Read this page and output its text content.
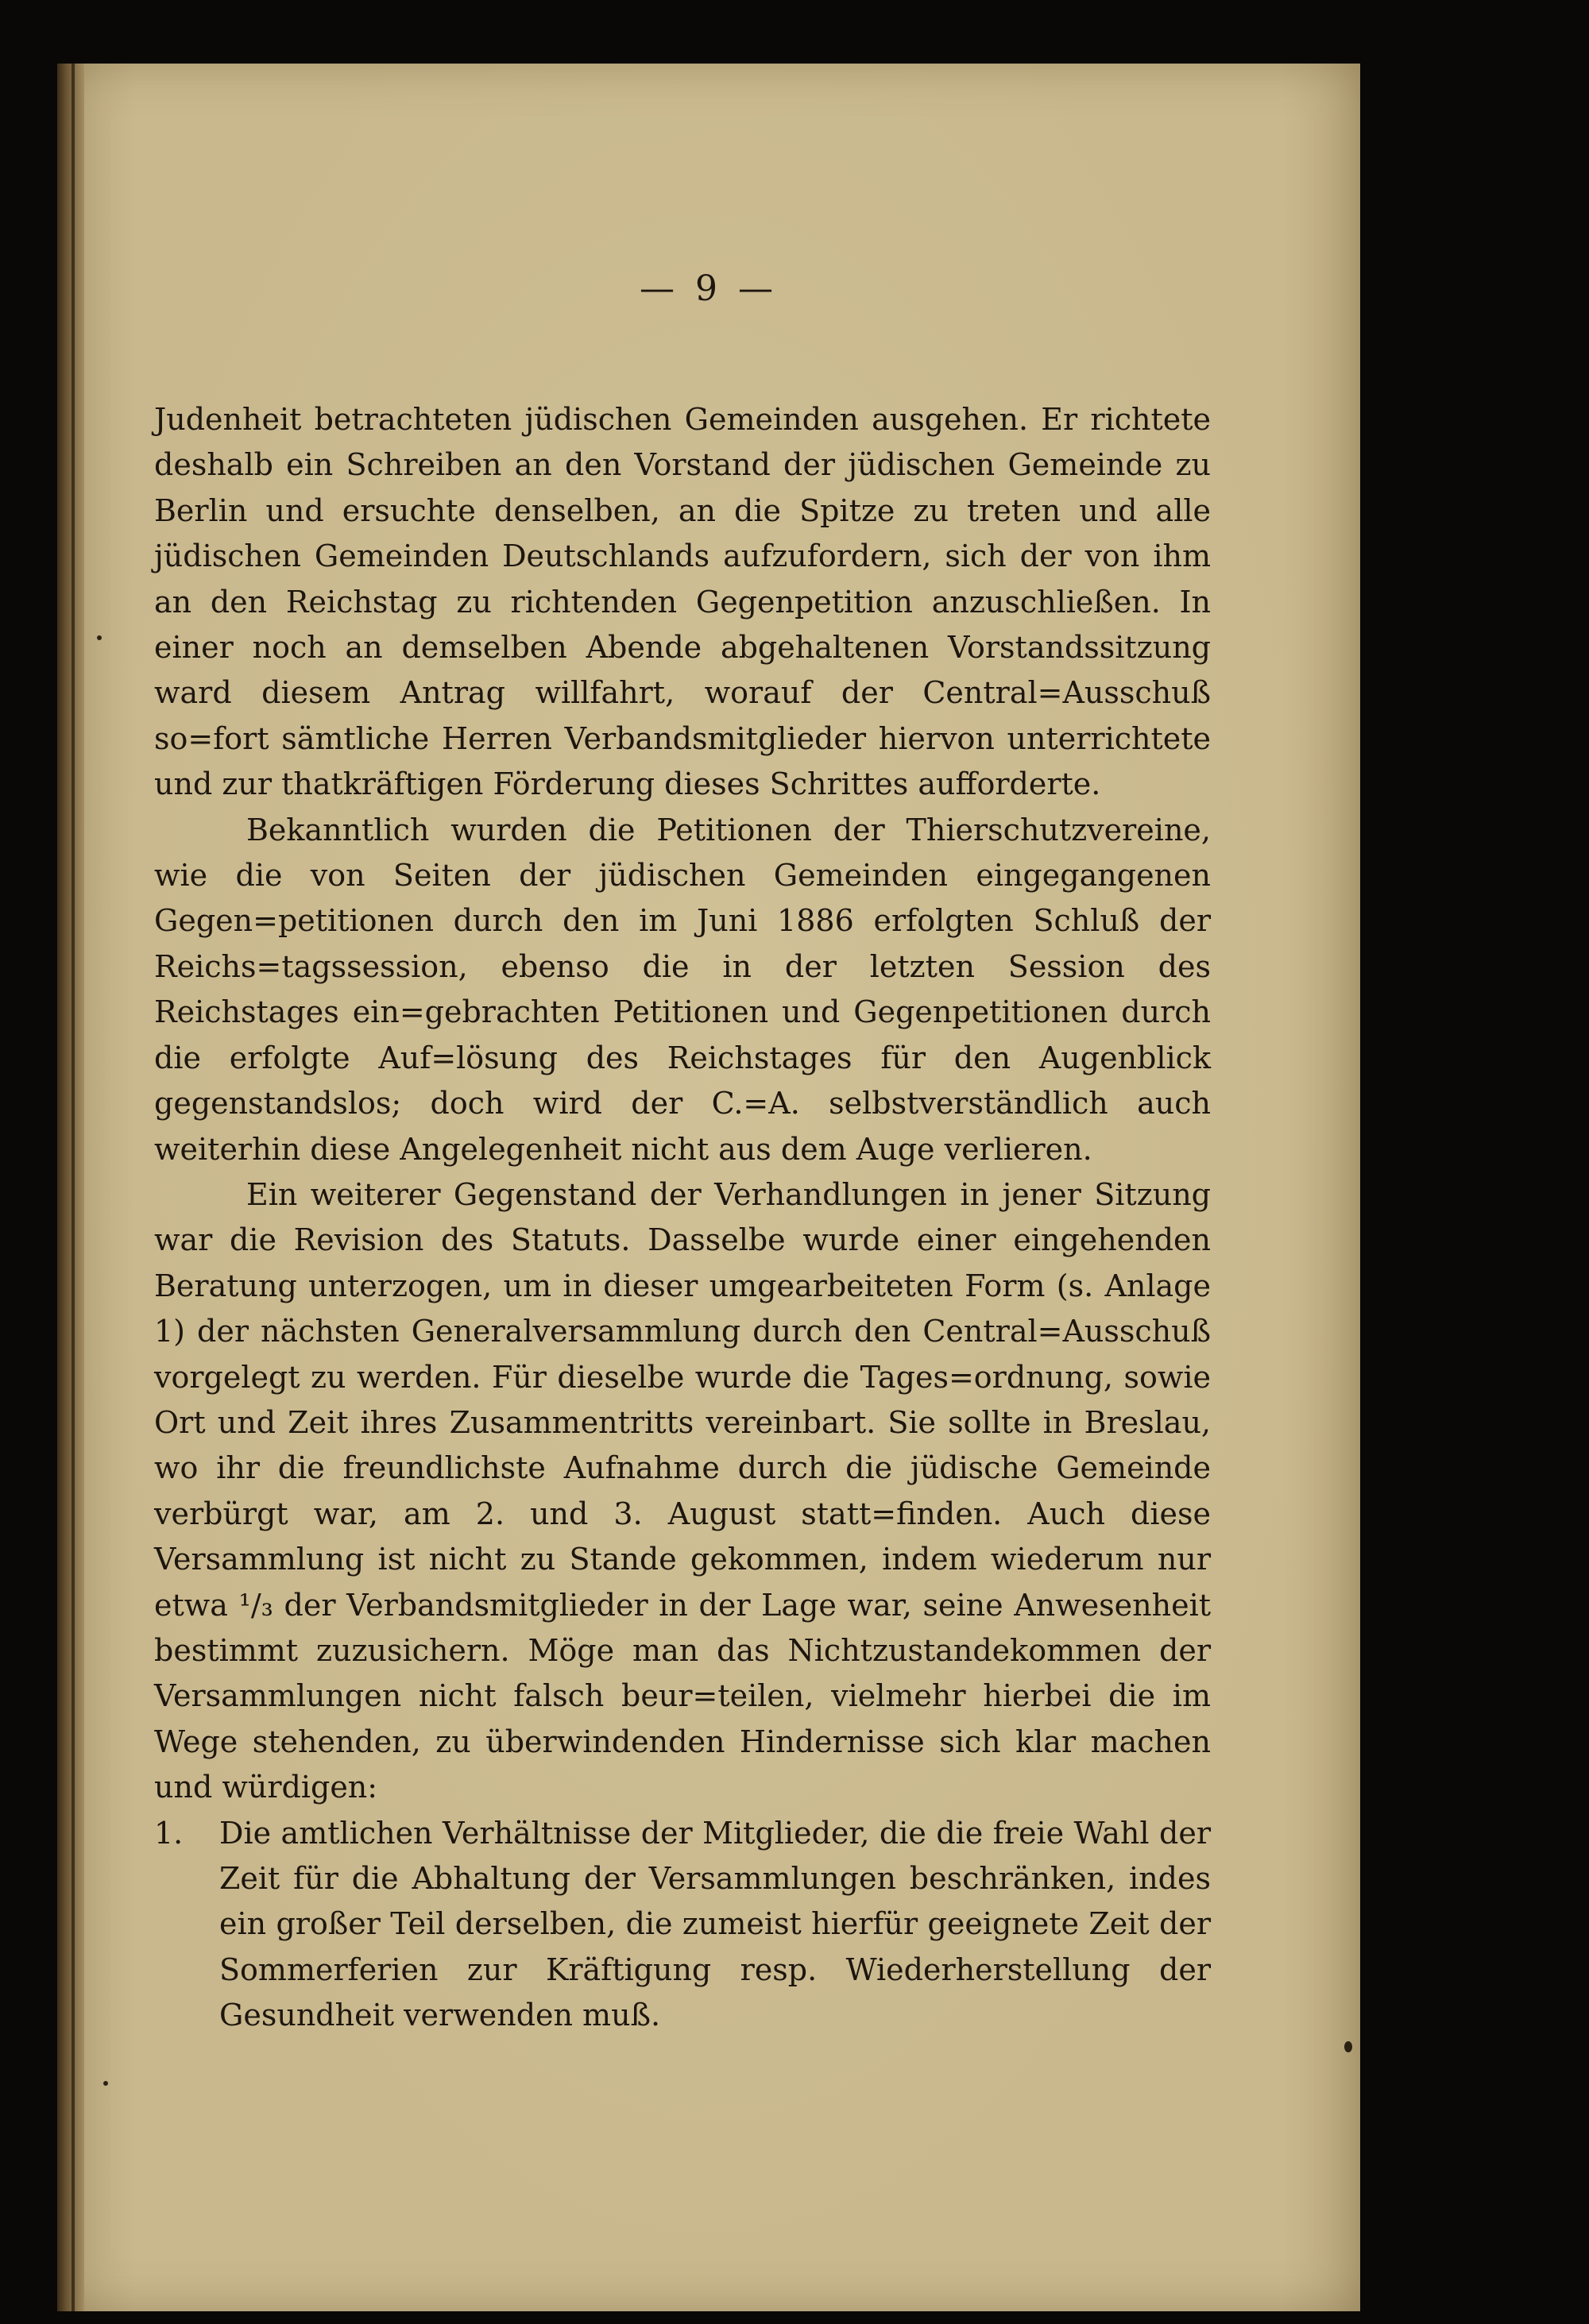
— 9 —

Judenheit betrachteten jüdischen Gemeinden ausgehen. Er richtete deshalb ein Schreiben an den Vorstand der jüdischen Gemeinde zu Berlin und ersuchte denselben, an die Spitze zu treten und alle jüdischen Gemeinden Deutschlands aufzufordern, sich der von ihm an den Reichstag zu richtenden Gegenpetition anzuschließen. In einer noch an demselben Abende abgehaltenen Vorstandssitzung ward diesem Antrag willfahrt, worauf der Central=Ausschuß so=fort sämtliche Herren Verbandsmitglieder hiervon unterrichtete und zur thatkräftigen Förderung dieses Schrittes aufforderte.

Bekanntlich wurden die Petitionen der Thierschutzvereine, wie die von Seiten der jüdischen Gemeinden eingegangenen Gegen=petitionen durch den im Juni 1886 erfolgten Schluß der Reichs=tagssession, ebenso die in der letzten Session des Reichstages ein=gebrachten Petitionen und Gegenpetitionen durch die erfolgte Auf=lösung des Reichstages für den Augenblick gegenstandslos; doch wird der C.=A. selbstverständlich auch weiterhin diese Angelegenheit nicht aus dem Auge verlieren.

Ein weiterer Gegenstand der Verhandlungen in jener Sitzung war die Revision des Statuts. Dasselbe wurde einer eingehenden Beratung unterzogen, um in dieser umgearbeiteten Form (s. Anlage 1) der nächsten Generalversammlung durch den Central=Ausschuß vorgelegt zu werden. Für dieselbe wurde die Tages=ordnung, sowie Ort und Zeit ihres Zusammentritts vereinbart. Sie sollte in Breslau, wo ihr die freundlichste Aufnahme durch die jüdische Gemeinde verbürgt war, am 2. und 3. August statt=finden. Auch diese Versammlung ist nicht zu Stande gekommen, indem wiederum nur etwa ¹/₃ der Verbandsmitglieder in der Lage war, seine Anwesenheit bestimmt zuzusichern. Möge man das Nichtzustandekommen der Versammlungen nicht falsch beur=teilen, vielmehr hierbei die im Wege stehenden, zu überwindenden Hindernisse sich klar machen und würdigen:

1.	Die amtlichen Verhältnisse der Mitglieder, die die freie Wahl der Zeit für die Abhaltung der Versammlungen beschränken, indes ein großer Teil derselben, die zumeist hierfür geeignete Zeit der Sommerferien zur Kräftigung resp. Wiederherstellung der Gesundheit verwenden muß.
